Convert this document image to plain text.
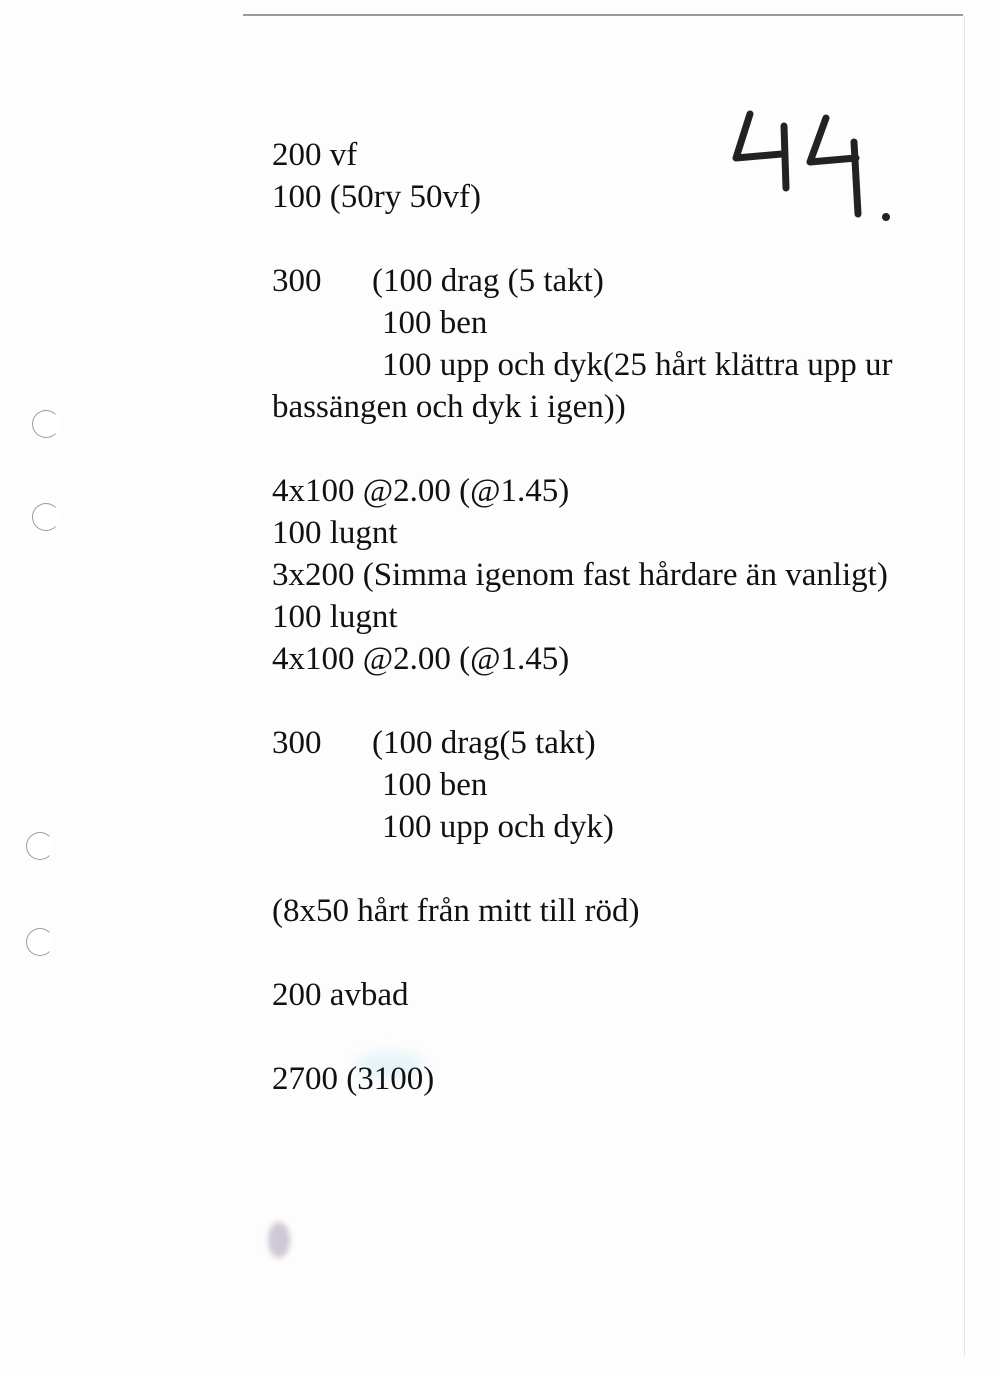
200 vf
100 (50ry 50vf)
300 (100 drag (5 takt)
100 ben
100 upp och dyk(25 hårt klättra upp ur
bassängen och dyk i igen))
4x100 @2.00 (@1.45)
100 lugnt
3x200 (Simma igenom fast hårdare än vanligt)
100 lugnt
4x100 @2.00 (@1.45)
300 (100 drag(5 takt)
100 ben
100 upp och dyk)
(8x50 hårt från mitt till röd)
200 avbad
2700 (3100)
